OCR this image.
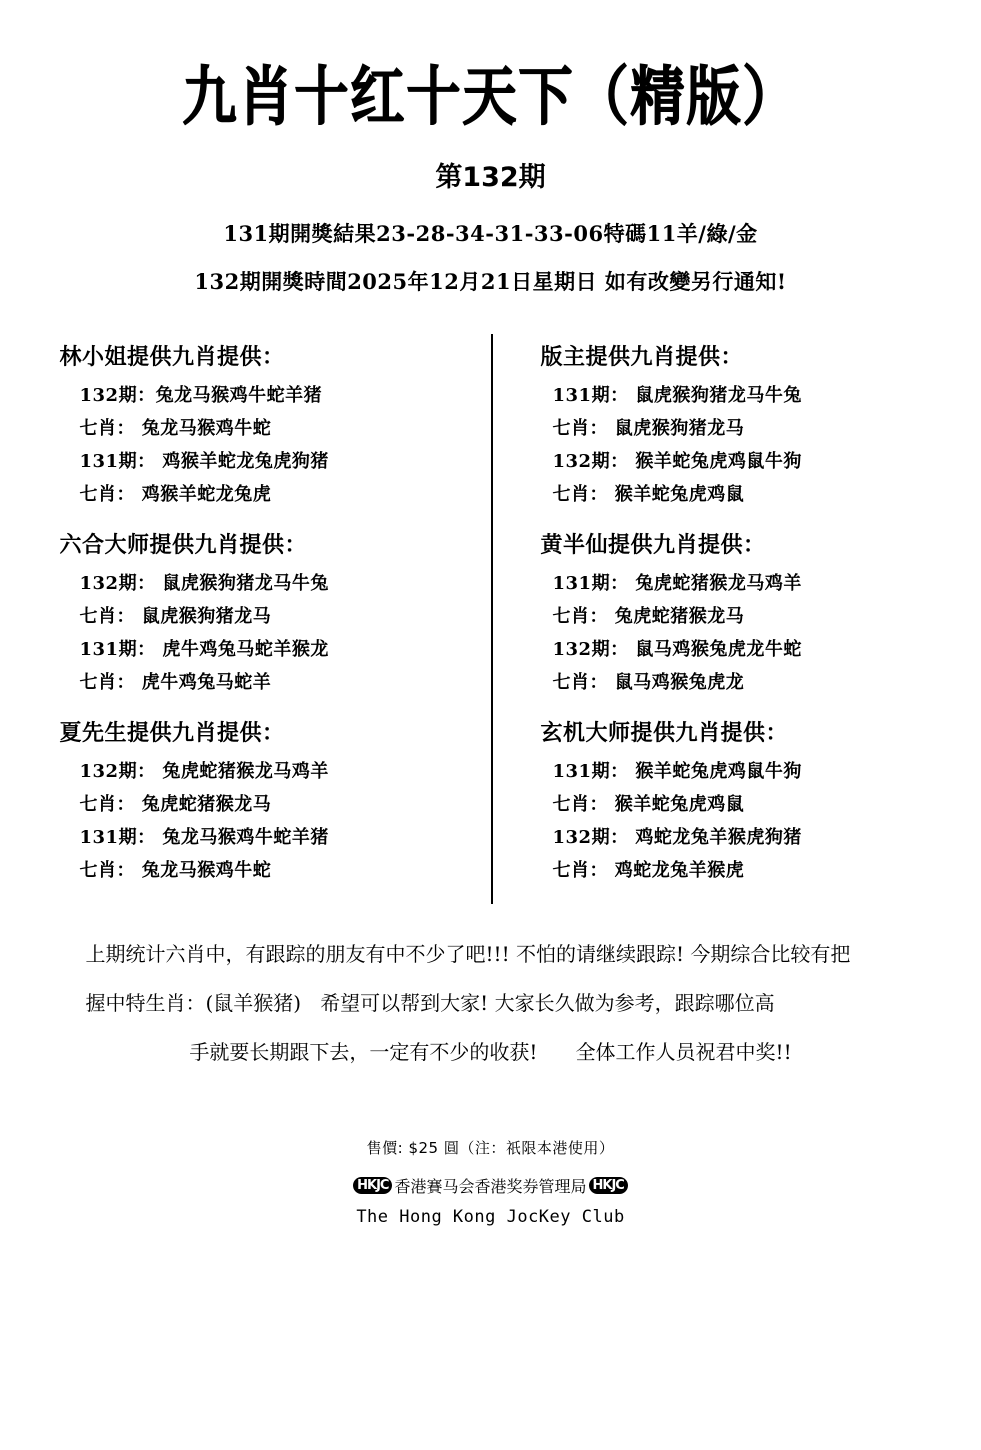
九肖十红十天下（精版）
第132期
131期開獎結果23-28-34-31-33-06特碼11羊/綠/金
132期開獎時間2025年12月21日星期日 如有改變另行通知!
林小姐提供九肖提供：
132期：兔龙马猴鸡牛蛇羊猪
七肖： 兔龙马猴鸡牛蛇
131期： 鸡猴羊蛇龙兔虎狗猪
七肖： 鸡猴羊蛇龙兔虎
六合大师提供九肖提供：
132期： 鼠虎猴狗猪龙马牛兔
七肖： 鼠虎猴狗猪龙马
131期： 虎牛鸡兔马蛇羊猴龙
七肖： 虎牛鸡兔马蛇羊
夏先生提供九肖提供：
132期： 兔虎蛇猪猴龙马鸡羊
七肖： 兔虎蛇猪猴龙马
131期： 兔龙马猴鸡牛蛇羊猪
七肖： 兔龙马猴鸡牛蛇
版主提供九肖提供：
131期： 鼠虎猴狗猪龙马牛兔
七肖： 鼠虎猴狗猪龙马
132期： 猴羊蛇兔虎鸡鼠牛狗
七肖： 猴羊蛇兔虎鸡鼠
黄半仙提供九肖提供：
131期： 兔虎蛇猪猴龙马鸡羊
七肖： 兔虎蛇猪猴龙马
132期： 鼠马鸡猴兔虎龙牛蛇
七肖： 鼠马鸡猴兔虎龙
玄机大师提供九肖提供：
131期： 猴羊蛇兔虎鸡鼠牛狗
七肖： 猴羊蛇兔虎鸡鼠
132期： 鸡蛇龙兔羊猴虎狗猪
七肖： 鸡蛇龙兔羊猴虎
上期统计六肖中，有跟踪的朋友有中不少了吧!!! 不怕的请继续跟踪! 今期综合比较有把
握中特生肖：(鼠羊猴猪) 希望可以帮到大家! 大家长久做为参考，跟踪哪位高
手就要长期跟下去，一定有不少的收获! 全体工作人员祝君中奖!!
售價: $25 圓（注：祇限本港使用）
HKJC 香港賽马会香港奖券管理局 HKJC
The Hong Kong JocKey Club
